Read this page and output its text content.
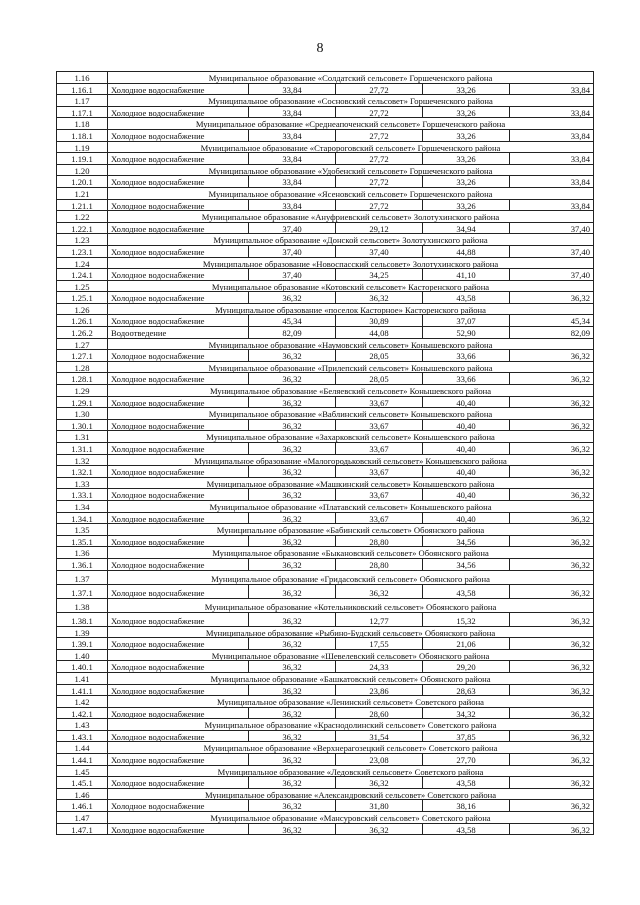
8
1.16	Муниципальное образование «Солдатский сельсовет» Горшеченского района				
1.16.1	Холодное водоснабжение	33,84	27,72	33,26	33,84
1.17	Муниципальное образование «Сосновский сельсовет» Горшеченского района				
1.17.1	Холодное водоснабжение	33,84	27,72	33,26	33,84
1.18	Муниципальное образование «Среднеапоченский сельсовет» Горшеченского района				
1.18.1	Холодное водоснабжение	33,84	27,72	33,26	33,84
1.19	Муниципальное образование «Старороговский сельсовет» Горшеченского района				
1.19.1	Холодное водоснабжение	33,84	27,72	33,26	33,84
1.20	Муниципальное образование «Удобенский сельсовет» Горшеченского района				
1.20.1	Холодное водоснабжение	33,84	27,72	33,26	33,84
1.21	Муниципальное образование «Ясеновский сельсовет» Горшеченского района				
1.21.1	Холодное водоснабжение	33,84	27,72	33,26	33,84
1.22	Муниципальное образование «Ануфриевский сельсовет» Золотухинского района				
1.22.1	Холодное водоснабжение	37,40	29,12	34,94	37,40
1.23	Муниципальное образование «Донской сельсовет» Золотухинского района				
1.23.1	Холодное водоснабжение	37,40	37,40	44,88	37,40
1.24	Муниципальное образование «Новоспасский сельсовет» Золотухинского района				
1.24.1	Холодное водоснабжение	37,40	34,25	41,10	37,40
1.25	Муниципальное образование «Котовский сельсовет» Касторенского района				
1.25.1	Холодное водоснабжение	36,32	36,32	43,58	36,32
1.26	Муниципальное образование «поселок Касторное» Касторенского района				
1.26.1	Холодное водоснабжение	45,34	30,89	37,07	45,34
1.26.2	Водоотведение	82,09	44,08	52,90	82,09
1.27	Муниципальное образование «Наумовский сельсовет» Конышевского района				
1.27.1	Холодное водоснабжение	36,32	28,05	33,66	36,32
1.28	Муниципальное образование «Прилепский сельсовет» Конышевского района				
1.28.1	Холодное водоснабжение	36,32	28,05	33,66	36,32
1.29	Муниципальное образование «Беляевский сельсовет» Конышевского района				
1.29.1	Холодное водоснабжение	36,32	33,67	40,40	36,32
1.30	Муниципальное образование «Ваблинский сельсовет» Конышевского района				
1.30.1	Холодное водоснабжение	36,32	33,67	40,40	36,32
1.31	Муниципальное образование «Захарковский сельсовет» Конышевского района				
1.31.1	Холодное водоснабжение	36,32	33,67	40,40	36,32
1.32	Муниципальное образование «Малогородьковский сельсовет» Конышевского района				
1.32.1	Холодное водоснабжение	36,32	33,67	40,40	36,32
1.33	Муниципальное образование «Машкинский сельсовет» Конышевского района				
1.33.1	Холодное водоснабжение	36,32	33,67	40,40	36,32
1.34	Муниципальное образование «Платавский сельсовет» Конышевского района				
1.34.1	Холодное водоснабжение	36,32	33,67	40,40	36,32
1.35	Муниципальное образование «Бабинский сельсовет» Обоянского района				
1.35.1	Холодное водоснабжение	36,32	28,80	34,56	36,32
1.36	Муниципальное образование «Быкановский сельсовет» Обоянского района				
1.36.1	Холодное водоснабжение	36,32	28,80	34,56	36,32
1.37	Муниципальное образование «Гридасовский сельсовет» Обоянского района				
1.37.1	Холодное водоснабжение	36,32	36,32	43,58	36,32
1.38	Муниципальное образование «Котельниковский сельсовет» Обоянского района				
1.38.1	Холодное водоснабжение	36,32	12,77	15,32	36,32
1.39	Муниципальное образование «Рыбино-Будский сельсовет» Обоянского района				
1.39.1	Холодное водоснабжение	36,32	17,55	21,06	36,32
1.40	Муниципальное образование «Шевелевский сельсовет» Обоянского района				
1.40.1	Холодное водоснабжение	36,32	24,33	29,20	36,32
1.41	Муниципальное образование «Башкатовский сельсовет» Обоянского района				
1.41.1	Холодное водоснабжение	36,32	23,86	28,63	36,32
1.42	Муниципальное образование «Ленинский сельсовет» Советского района				
1.42.1	Холодное водоснабжение	36,32	28,60	34,32	36,32
1.43	Муниципальное образование «Краснодолинский сельсовет» Советского района				
1.43.1	Холодное водоснабжение	36,32	31,54	37,85	36,32
1.44	Муниципальное образование «Верхнерагозецкий сельсовет» Советского района				
1.44.1	Холодное водоснабжение	36,32	23,08	27,70	36,32
1.45	Муниципальное образование «Ледовский сельсовет» Советского района				
1.45.1	Холодное водоснабжение	36,32	36,32	43,58	36,32
1.46	Муниципальное образование «Александровский сельсовет» Советского района				
1.46.1	Холодное водоснабжение	36,32	31,80	38,16	36,32
1.47	Муниципальное образование «Мансуровский сельсовет» Советского района				
1.47.1	Холодное водоснабжение	36,32	36,32	43,58	36,32
